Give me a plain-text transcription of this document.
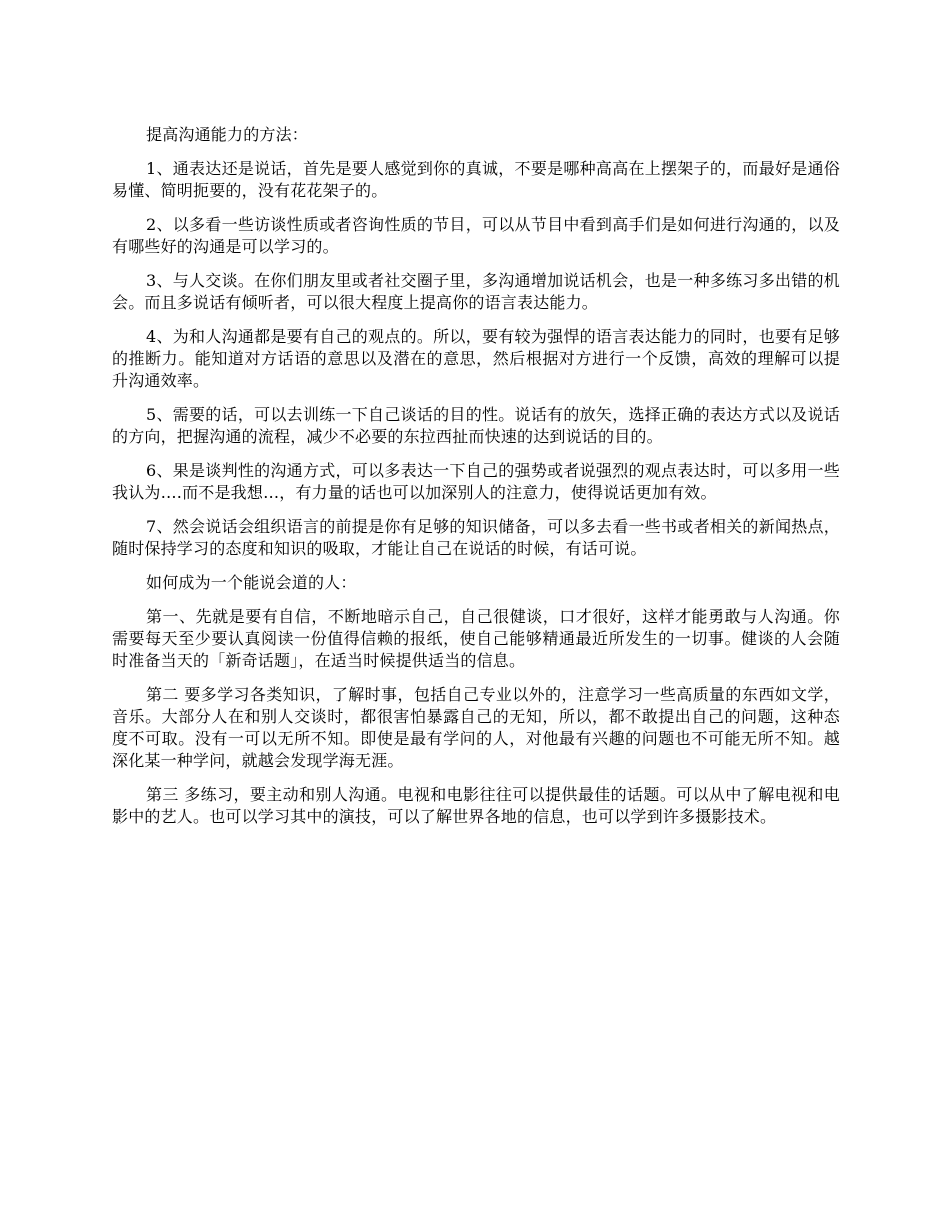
提高沟通能力的方法：

1、通表达还是说话，首先是要人感觉到你的真诚，不要是哪种高高在上摆架子的，而最好是通俗易懂、简明扼要的，没有花花架子的。

2、以多看一些访谈性质或者咨询性质的节目，可以从节目中看到高手们是如何进行沟通的，以及有哪些好的沟通是可以学习的。

3、与人交谈。在你们朋友里或者社交圈子里，多沟通增加说话机会，也是一种多练习多出错的机会。而且多说话有倾听者，可以很大程度上提高你的语言表达能力。

4、为和人沟通都是要有自己的观点的。所以，要有较为强悍的语言表达能力的同时，也要有足够的推断力。能知道对方话语的意思以及潜在的意思，然后根据对方进行一个反馈，高效的理解可以提升沟通效率。

5、需要的话，可以去训练一下自己谈话的目的性。说话有的放矢，选择正确的表达方式以及说话的方向，把握沟通的流程，减少不必要的东拉西扯而快速的达到说话的目的。

6、果是谈判性的沟通方式，可以多表达一下自己的强势或者说强烈的观点表达时，可以多用一些我认为….而不是我想…，有力量的话也可以加深别人的注意力，使得说话更加有效。

7、然会说话会组织语言的前提是你有足够的知识储备，可以多去看一些书或者相关的新闻热点，随时保持学习的态度和知识的吸取，才能让自己在说话的时候，有话可说。

如何成为一个能说会道的人：

第一、先就是要有自信，不断地暗示自己，自己很健谈，口才很好，这样才能勇敢与人沟通。你需要每天至少要认真阅读一份值得信赖的报纸，使自己能够精通最近所发生的一切事。健谈的人会随时准备当天的「新奇话题」，在适当时候提供适当的信息。

第二 要多学习各类知识，了解时事，包括自己专业以外的，注意学习一些高质量的东西如文学，音乐。大部分人在和别人交谈时，都很害怕暴露自己的无知，所以，都不敢提出自己的问题，这种态度不可取。没有一可以无所不知。即使是最有学问的人，对他最有兴趣的问题也不可能无所不知。越深化某一种学问，就越会发现学海无涯。

第三 多练习，要主动和别人沟通。电视和电影往往可以提供最佳的话题。可以从中了解电视和电影中的艺人。也可以学习其中的演技，可以了解世界各地的信息，也可以学到许多摄影技术。
